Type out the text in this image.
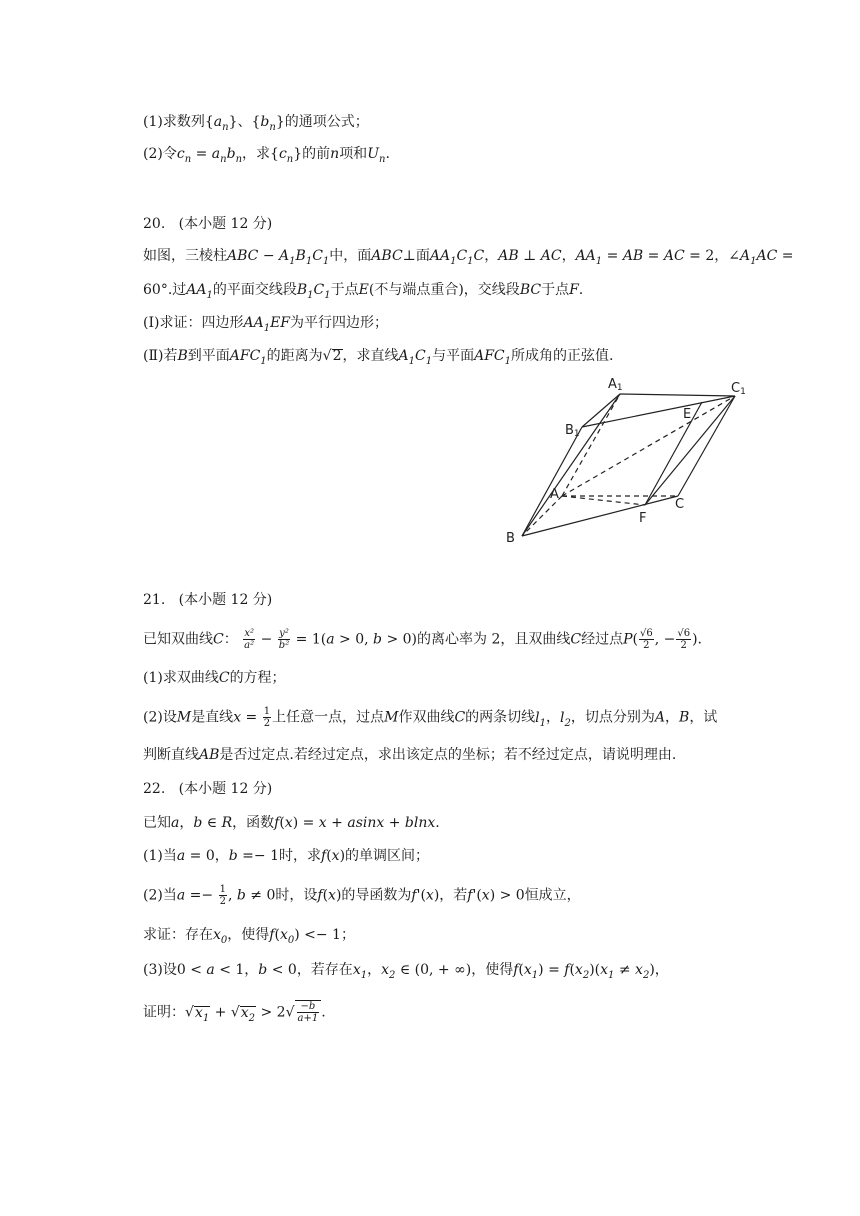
(1)求数列$\{a_n\}$、$\{b_n\}$的通项公式；
(2)令$c_n = a_nb_n$，求$\{c_n\}$的前n项和$U_n$.
20. (本小题 12 分)
如图，三棱柱ABC − $A_1B_1C_1$中，面ABC⊥面$AA_1C_1C$，AB ⊥ AC，$AA_1$ = AB = AC = 2，$\angle A_1AC$ =
60°.过$AA_1$的平面交线段$B_1C_1$于点E(不与端点重合)，交线段BC于点F.
(Ⅰ)求证：四边形$AA_1EF$为平行四边形；
(Ⅱ)若B到平面$AFC_1$的距离为√2，求直线$A_1C_1$与平面$AFC_1$所成角的正弦值.
A1	C1
B1
E
A
C
F
B
21. (本小题 12 分)
已知双曲线C： $\frac{\text{x²}}{\text{a²}} - \frac{\text{y²}}{\text{b²}} = 1(a > 0$, b > 0)的离心率为 2，且双曲线C经过点$P( \frac{√6}{2}$ , − $\frac{√6}{2}$ ).
(1)求双曲线C的方程；
(2)设M是直线$x = \frac{1}{2}$ 上任意一点，过点M作双曲线C的两条切线$l_1$，$l_2$，切点分别为A，B，试
判断直线AB是否过定点.若经过定点，求出该定点的坐标；若不经过定点，请说明理由.
22. (本小题 12 分)
已知a，b ∈ R，函数f(x) = x + asinx + blnx.
(1)当a = 0，b =− 1时，求f(x)的单调区间；
(2)当$a =- \frac{1}{2}$ , b ≠ 0时，设f(x)的导函数为f'(x)，若f'(x) > 0恒成立，
求证：存在$x_0$，使得$f(x_0) <- 1$；
(3)设0 < a < 1，b < 0，若存在$x_1$，$x_2$ ∈ (0, + ∞)，使得$f(x_1) = f(x_2)(x_1 \ne x_2)$，
证明：$√x_1 + √x_2 > 2√ \frac{-b}{a+1}$ .
